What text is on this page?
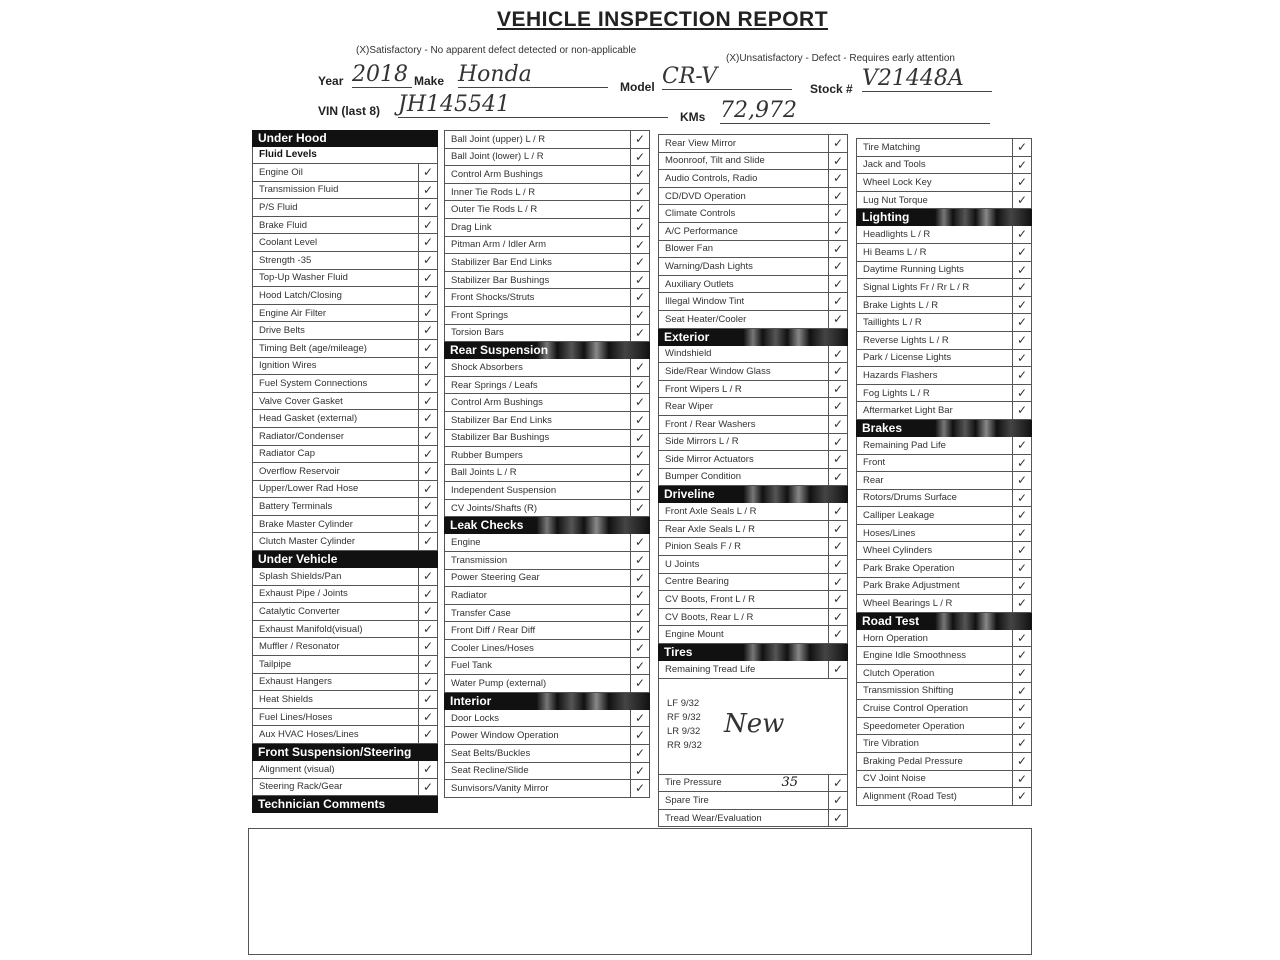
VEHICLE INSPECTION REPORT
(X)Satisfactory - No apparent defect detected or non-applicable
(X)Unsatisfactory - Defect - Requires early attention
Year 2018 Make Honda	Model CR-V	Stock # V21448A
VIN (last 8) JH145541	KMs 72,972
Under Hood
Fluid Levels
Engine Oil	✓
Transmission Fluid	✓
P/S Fluid	✓
Brake Fluid	✓
Coolant Level	✓
Strength -35	✓
Top-Up Washer Fluid	✓
Hood Latch/Closing	✓
Engine Air Filter	✓
Drive Belts	✓
Timing Belt (age/mileage)	✓
Ignition Wires	✓
Fuel System Connections	✓
Valve Cover Gasket	✓
Head Gasket (external)	✓
Radiator/Condenser	✓
Radiator Cap	✓
Overflow Reservoir	✓
Upper/Lower Rad Hose	✓
Battery Terminals	✓
Brake Master Cylinder	✓
Clutch Master Cylinder	✓
Under Vehicle
Splash Shields/Pan	✓
Exhaust Pipe / Joints	✓
Catalytic Converter	✓
Exhaust Manifold(visual)	✓
Muffler / Resonator	✓
Tailpipe	✓
Exhaust Hangers	✓
Heat Shields	✓
Fuel Lines/Hoses	✓
Aux HVAC Hoses/Lines	✓
Front Suspension/Steering
Alignment (visual)	✓
Steering Rack/Gear	✓
Technician Comments
Ball Joint (upper) L / R	✓
Ball Joint (lower) L / R	✓
Control Arm Bushings	✓
Inner Tie Rods L / R	✓
Outer Tie Rods L / R	✓
Drag Link	✓
Pitman Arm / Idler Arm	✓
Stabilizer Bar End Links	✓
Stabilizer Bar Bushings	✓
Front Shocks/Struts	✓
Front Springs	✓
Torsion Bars	✓
Rear Suspension
Shock Absorbers	✓
Rear Springs / Leafs	✓
Control Arm Bushings	✓
Stabilizer Bar End Links	✓
Stabilizer Bar Bushings	✓
Rubber Bumpers	✓
Ball Joints L / R	✓
Independent Suspension	✓
CV Joints/Shafts (R)	✓
Leak Checks
Engine	✓
Transmission	✓
Power Steering Gear	✓
Radiator	✓
Transfer Case	✓
Front Diff / Rear Diff	✓
Cooler Lines/Hoses	✓
Fuel Tank	✓
Water Pump (external)	✓
Interior
Door Locks	✓
Power Window Operation	✓
Seat Belts/Buckles	✓
Seat Recline/Slide	✓
Sunvisors/Vanity Mirror	✓
Rear View Mirror	✓
Moonroof, Tilt and Slide	✓
Audio Controls, Radio	✓
CD/DVD Operation	✓
Climate Controls	✓
A/C Performance	✓
Blower Fan	✓
Warning/Dash Lights	✓
Auxiliary Outlets	✓
Illegal Window Tint	✓
Seat Heater/Cooler	✓
Exterior
Windshield	✓
Side/Rear Window Glass	✓
Front Wipers L / R	✓
Rear Wiper	✓
Front / Rear Washers	✓
Side Mirrors L / R	✓
Side Mirror Actuators	✓
Bumper Condition	✓
Driveline
Front Axle Seals L / R	✓
Rear Axle Seals L / R	✓
Pinion Seals F / R	✓
U Joints	✓
Centre Bearing	✓
CV Boots, Front L / R	✓
CV Boots, Rear L / R	✓
Engine Mount	✓
Tires
Remaining Tread Life	✓
LF 9/32
RF 9/32
LR 9/32
RR 9/32
New
Tire Pressure	35	✓
Spare Tire	✓
Tread Wear/Evaluation	✓
Tire Matching	✓
Jack and Tools	✓
Wheel Lock Key	✓
Lug Nut Torque	✓
Lighting
Headlights L / R	✓
Hi Beams L / R	✓
Daytime Running Lights	✓
Signal Lights Fr / Rr L / R	✓
Brake Lights L / R	✓
Taillights L / R	✓
Reverse Lights L / R	✓
Park / License Lights	✓
Hazards Flashers	✓
Fog Lights L / R	✓
Aftermarket Light Bar	✓
Brakes
Remaining Pad Life	✓
Front	✓
Rear	✓
Rotors/Drums Surface	✓
Calliper Leakage	✓
Hoses/Lines	✓
Wheel Cylinders	✓
Park Brake Operation	✓
Park Brake Adjustment	✓
Wheel Bearings L / R	✓
Road Test
Horn Operation	✓
Engine Idle Smoothness	✓
Clutch Operation	✓
Transmission Shifting	✓
Cruise Control Operation	✓
Speedometer Operation	✓
Tire Vibration	✓
Braking Pedal Pressure	✓
CV Joint Noise	✓
Alignment (Road Test)	✓
